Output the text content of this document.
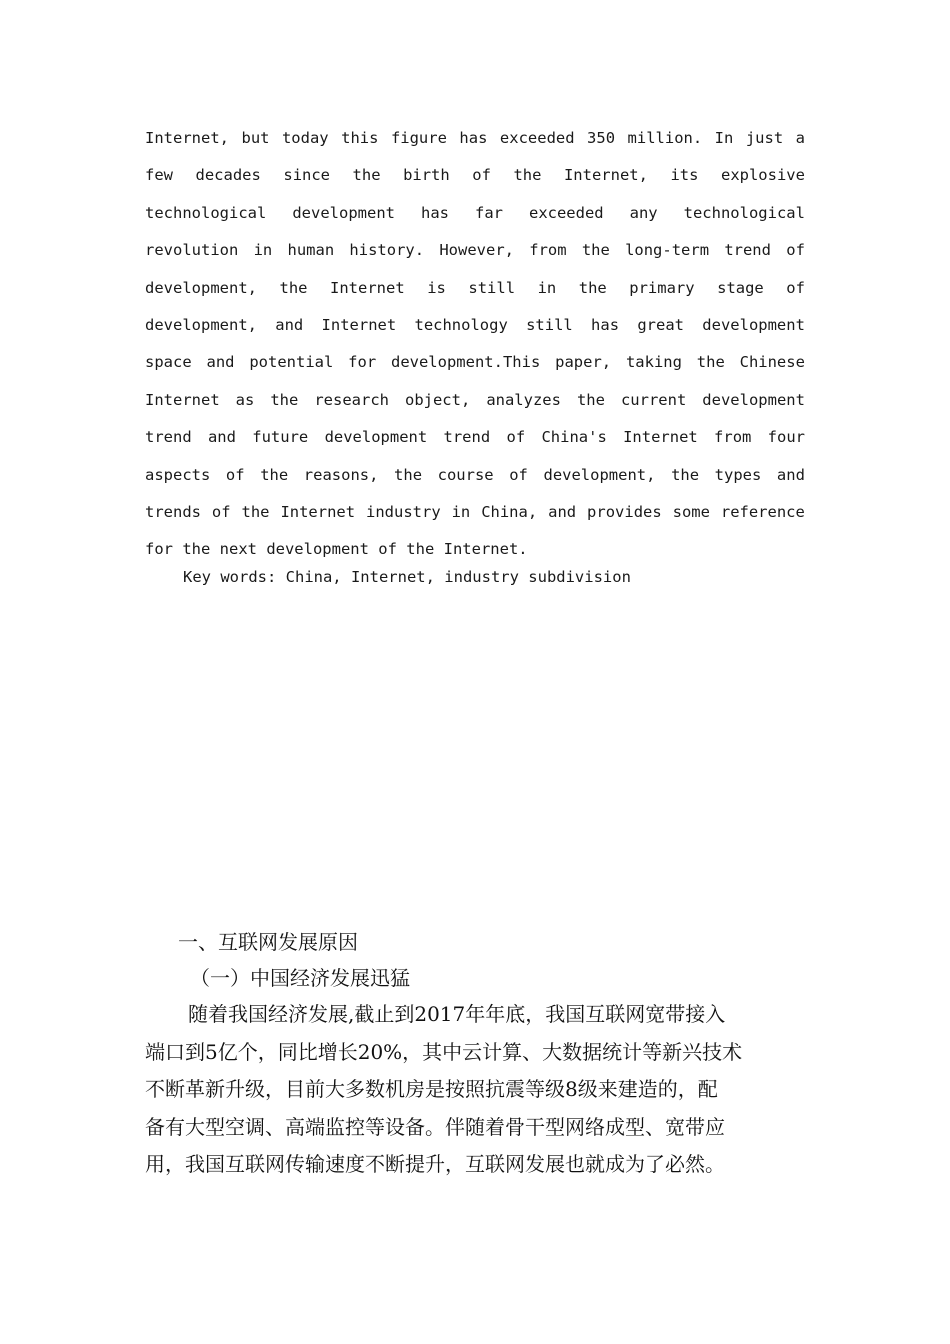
Internet, but today this figure has exceeded 350 million. In just a
few decades since the birth of the Internet, its explosive
technological development has far exceeded any technological
revolution in human history. However, from the long-term trend of
development, the Internet is still in the primary stage of
development, and Internet technology still has great development
space and potential for development.This paper, taking the Chinese
Internet as the research object, analyzes the current development
trend and future development trend of China's Internet from four
aspects of the reasons, the course of development, the types and
trends of the Internet industry in China, and provides some reference
for the next development of the Internet.
Key words: China, Internet, industry subdivision
一、互联网发展原因
（一）中国经济发展迅猛
随着我国经济发展,截止到2017年年底，我国互联网宽带接入
端口到5亿个，同比增长20%，其中云计算、大数据统计等新兴技术
不断革新升级，目前大多数机房是按照抗震等级8级来建造的，配
备有大型空调、高端监控等设备。伴随着骨干型网络成型、宽带应
用，我国互联网传输速度不断提升，互联网发展也就成为了必然。
